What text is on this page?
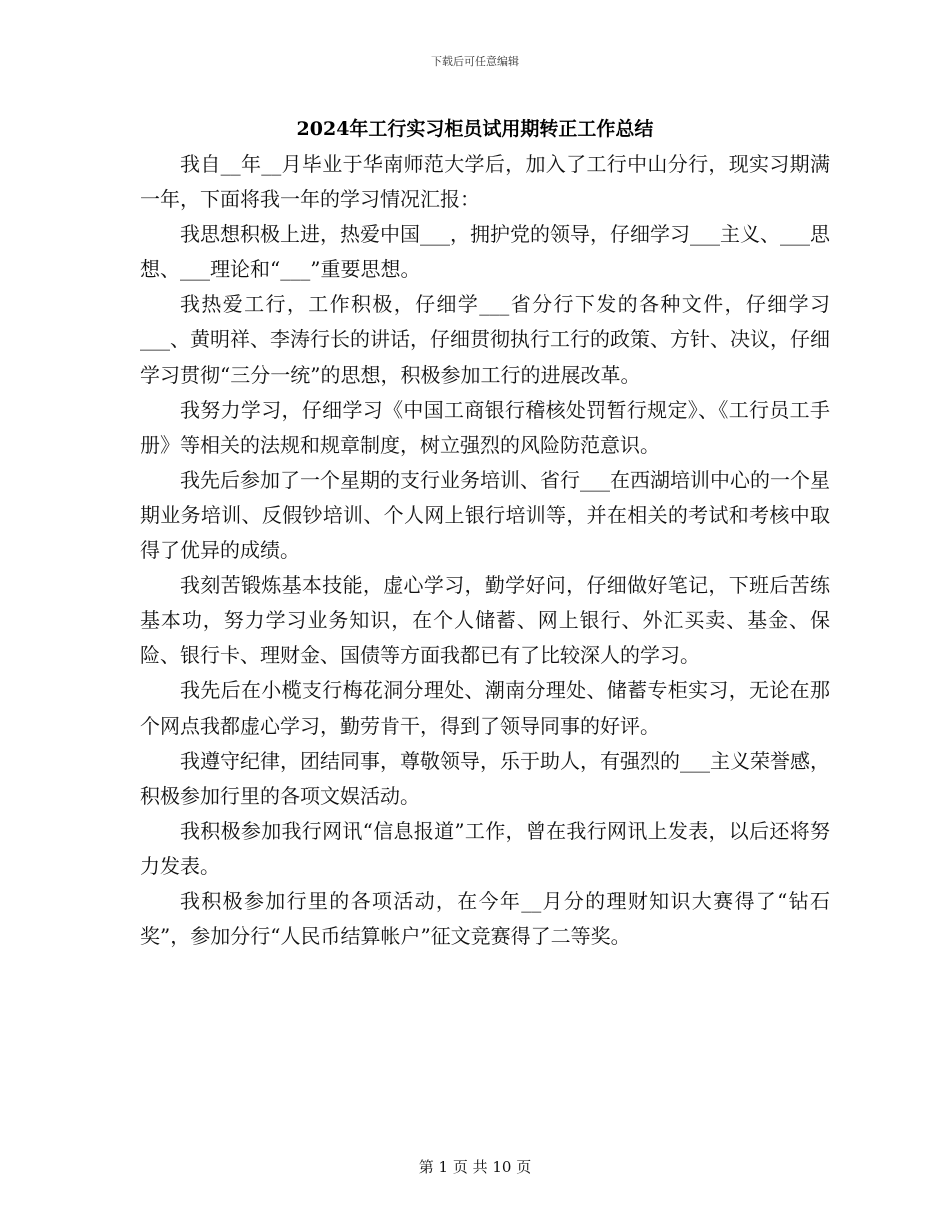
下载后可任意编辑
2024年工行实习柜员试用期转正工作总结

我自__年__月毕业于华南师范大学后，加入了工行中山分行，现实习期满一年，下面将我一年的学习情况汇报：

我思想积极上进，热爱中国___，拥护党的领导，仔细学习___主义、___思想、___理论和“___”重要思想。

我热爱工行，工作积极，仔细学___省分行下发的各种文件，仔细学习___、黄明祥、李涛行长的讲话，仔细贯彻执行工行的政策、方针、决议，仔细学习贯彻“三分一统”的思想，积极参加工行的进展改革。

我努力学习，仔细学习《中国工商银行稽核处罚暂行规定》、《工行员工手册》等相关的法规和规章制度，树立强烈的风险防范意识。

我先后参加了一个星期的支行业务培训、省行___在西湖培训中心的一个星期业务培训、反假钞培训、个人网上银行培训等，并在相关的考试和考核中取得了优异的成绩。

我刻苦锻炼基本技能，虚心学习，勤学好问，仔细做好笔记，下班后苦练基本功，努力学习业务知识，在个人储蓄、网上银行、外汇买卖、基金、保险、银行卡、理财金、国债等方面我都已有了比较深人的学习。

我先后在小榄支行梅花洞分理处、潮南分理处、储蓄专柜实习，无论在那个网点我都虚心学习，勤劳肯干，得到了领导同事的好评。

我遵守纪律，团结同事，尊敬领导，乐于助人，有强烈的___主义荣誉感，积极参加行里的各项文娱活动。

我积极参加我行网讯“信息报道”工作，曾在我行网讯上发表，以后还将努力发表。

我积极参加行里的各项活动，在今年__月分的理财知识大赛得了“钻石奖”，参加分行“人民币结算帐户”征文竞赛得了二等奖。

第 1 页 共 10 页
